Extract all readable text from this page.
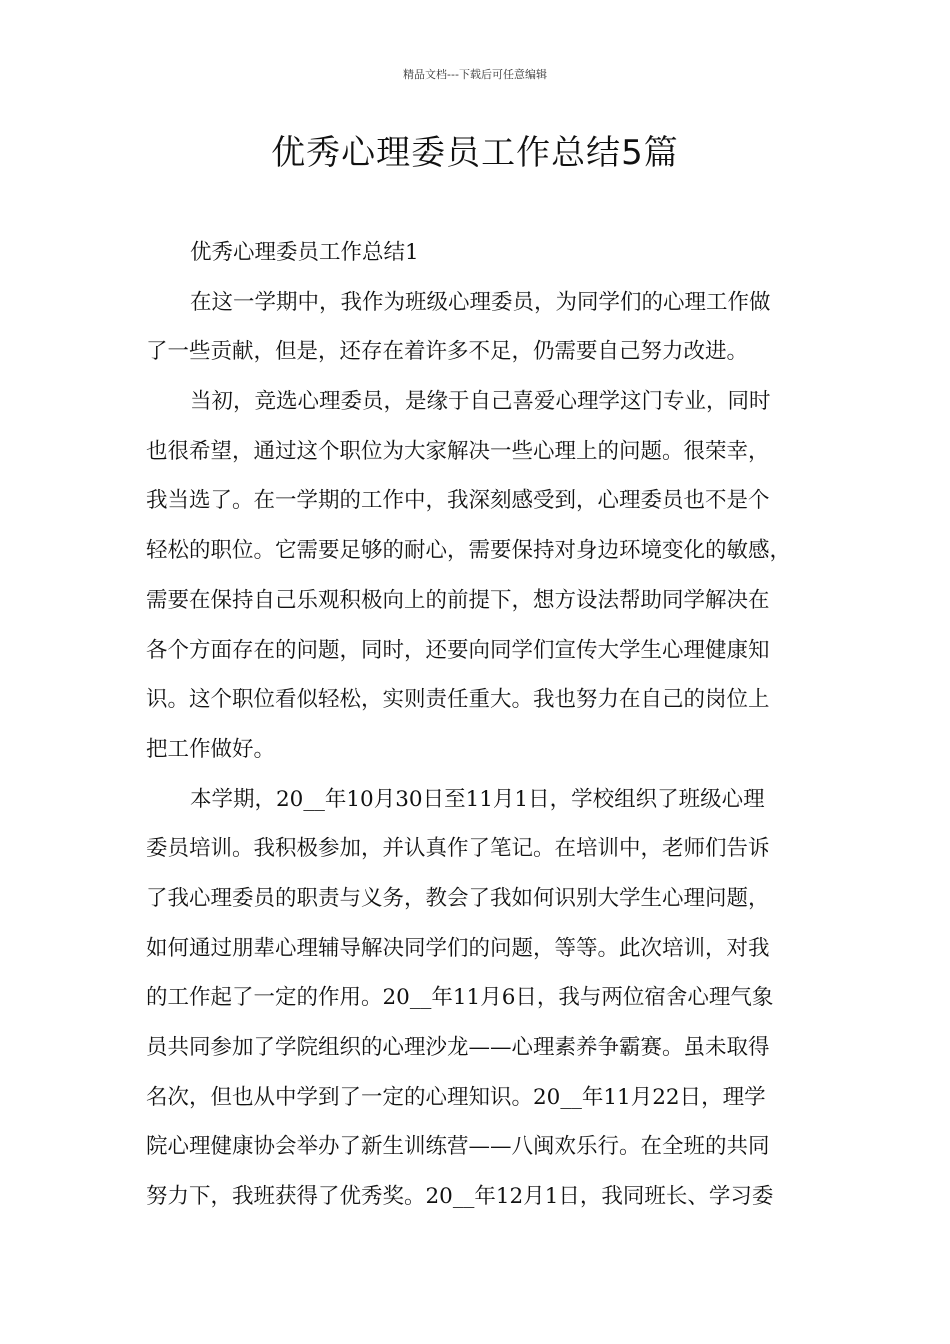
精品文档---下载后可任意编辑
优秀心理委员工作总结5篇
优秀心理委员工作总结1
在这一学期中，我作为班级心理委员，为同学们的心理工作做
了一些贡献，但是，还存在着许多不足，仍需要自己努力改进。
当初，竞选心理委员，是缘于自己喜爱心理学这门专业，同时
也很希望，通过这个职位为大家解决一些心理上的问题。很荣幸，
我当选了。在一学期的工作中，我深刻感受到，心理委员也不是个
轻松的职位。它需要足够的耐心，需要保持对身边环境变化的敏感，
需要在保持自己乐观积极向上的前提下，想方设法帮助同学解决在
各个方面存在的问题，同时，还要向同学们宣传大学生心理健康知
识。这个职位看似轻松，实则责任重大。我也努力在自己的岗位上
把工作做好。
本学期，20__年10月30日至11月1日，学校组织了班级心理
委员培训。我积极参加，并认真作了笔记。在培训中，老师们告诉
了我心理委员的职责与义务，教会了我如何识别大学生心理问题，
如何通过朋辈心理辅导解决同学们的问题，等等。此次培训，对我
的工作起了一定的作用。20__年11月6日，我与两位宿舍心理气象
员共同参加了学院组织的心理沙龙——心理素养争霸赛。虽未取得
名次，但也从中学到了一定的心理知识。20__年11月22日，理学
院心理健康协会举办了新生训练营——八闽欢乐行。在全班的共同
努力下，我班获得了优秀奖。20__年12月1日，我同班长、学习委
